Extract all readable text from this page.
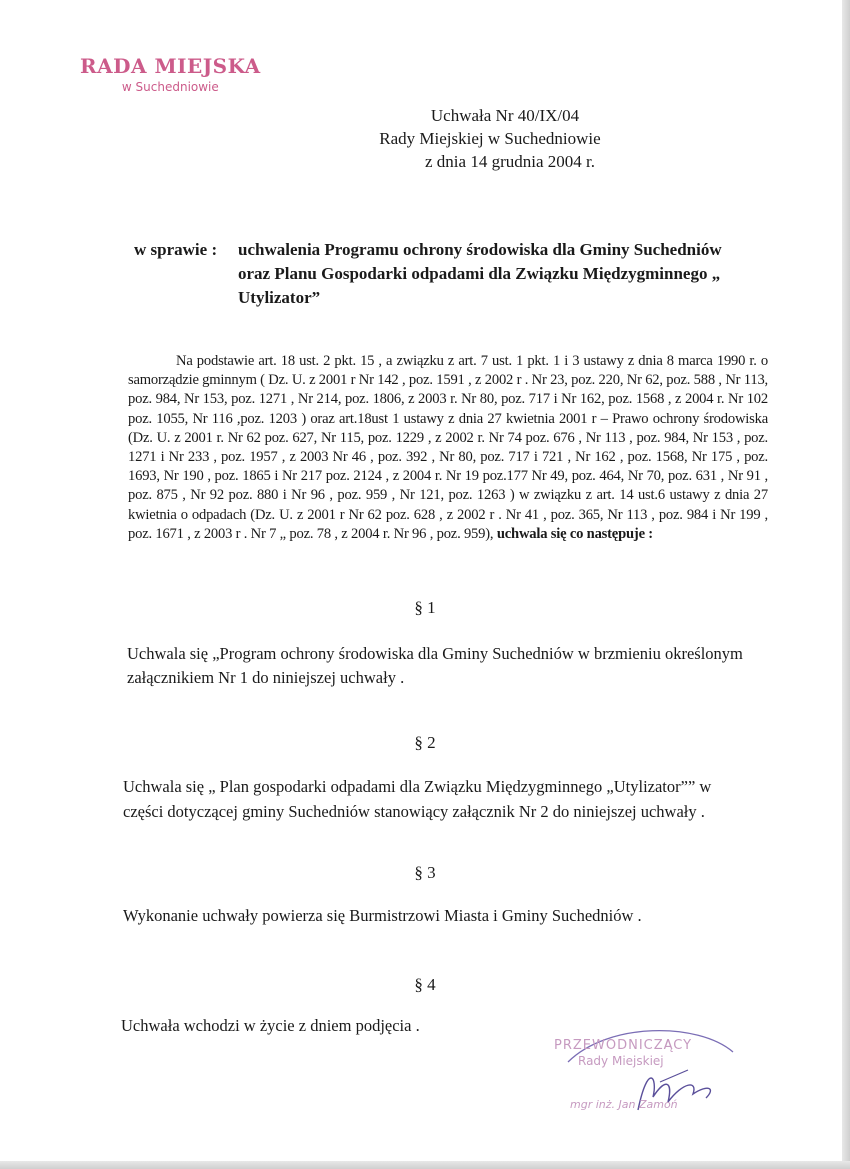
RADA MIEJSKA
w Suchedniowie
Uchwała Nr 40/IX/04
Rady Miejskiej w Suchedniowie
z dnia 14 grudnia 2004 r.
w sprawie : uchwalenia Programu ochrony środowiska dla Gminy Suchedniów oraz Planu Gospodarki odpadami dla Związku Międzygminnego „ Utylizator”
Na podstawie art. 18 ust. 2 pkt. 15 , a związku z art. 7 ust. 1 pkt. 1 i 3 ustawy z dnia 8 marca 1990 r. o samorządzie gminnym ( Dz. U. z 2001 r Nr 142 , poz. 1591 , z 2002 r . Nr 23, poz. 220, Nr 62, poz. 588 , Nr 113, poz. 984, Nr 153, poz. 1271 , Nr 214, poz. 1806, z 2003 r. Nr 80, poz. 717 i Nr 162, poz. 1568 , z 2004 r. Nr 102 poz. 1055, Nr 116 ,poz. 1203 ) oraz art.18ust 1 ustawy z dnia 27 kwietnia 2001 r – Prawo ochrony środowiska (Dz. U. z 2001 r. Nr 62 poz. 627, Nr 115, poz. 1229 , z 2002 r. Nr 74 poz. 676 , Nr 113 , poz. 984, Nr 153 , poz. 1271 i Nr 233 , poz. 1957 , z 2003 Nr 46 , poz. 392 , Nr 80, poz. 717 i 721 , Nr 162 , poz. 1568, Nr 175 , poz. 1693, Nr 190 , poz. 1865 i Nr 217 poz. 2124 , z 2004 r. Nr 19 poz.177 Nr 49, poz. 464, Nr 70, poz. 631 , Nr 91 , poz. 875 , Nr 92 poz. 880 i Nr 96 , poz. 959 , Nr 121, poz. 1263 ) w związku z art. 14 ust.6 ustawy z dnia 27 kwietnia o odpadach (Dz. U. z 2001 r Nr 62 poz. 628 , z 2002 r . Nr 41 , poz. 365, Nr 113 , poz. 984 i Nr 199 , poz. 1671 , z 2003 r . Nr 7 „ poz. 78 , z 2004 r. Nr 96 , poz. 959), uchwala się co następuje :
§ 1
Uchwala się „Program ochrony środowiska dla Gminy Suchedniów w brzmieniu określonym załącznikiem Nr 1 do niniejszej uchwały .
§ 2
Uchwala się „ Plan gospodarki odpadami dla Związku Międzygminnego „Utylizator”” w części dotyczącej gminy Suchedniów stanowiący załącznik Nr 2 do niniejszej uchwały .
§ 3
Wykonanie uchwały powierza się Burmistrzowi Miasta i Gminy Suchedniów .
§ 4
Uchwała wchodzi w życie z dniem podjęcia .
PRZEWODNICZĄCY
Rady Miejskiej
mgr inż. Jan Zamoń
